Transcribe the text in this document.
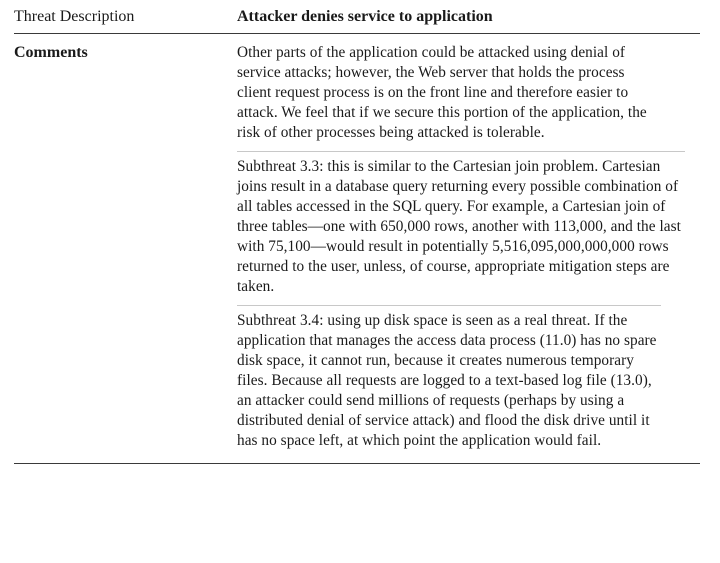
Threat Description	Attacker denies service to application
Comments	Other parts of the application could be attacked using denial of service attacks; however, the Web server that holds the process client request process is on the front line and therefore easier to attack. We feel that if we secure this portion of the application, the risk of other processes being attacked is tolerable.

Subthreat 3.3: this is similar to the Cartesian join problem. Cartesian joins result in a database query returning every possible combination of all tables accessed in the SQL query. For example, a Cartesian join of three tables—one with 650,000 rows, another with 113,000, and the last with 75,100—would result in potentially 5,516,095,000,000,000 rows returned to the user, unless, of course, appropriate mitigation steps are taken.

Subthreat 3.4: using up disk space is seen as a real threat. If the application that manages the access data process (11.0) has no spare disk space, it cannot run, because it creates numerous temporary files. Because all requests are logged to a text-based log file (13.0), an attacker could send millions of requests (perhaps by using a distributed denial of service attack) and flood the disk drive until it has no space left, at which point the application would fail.
